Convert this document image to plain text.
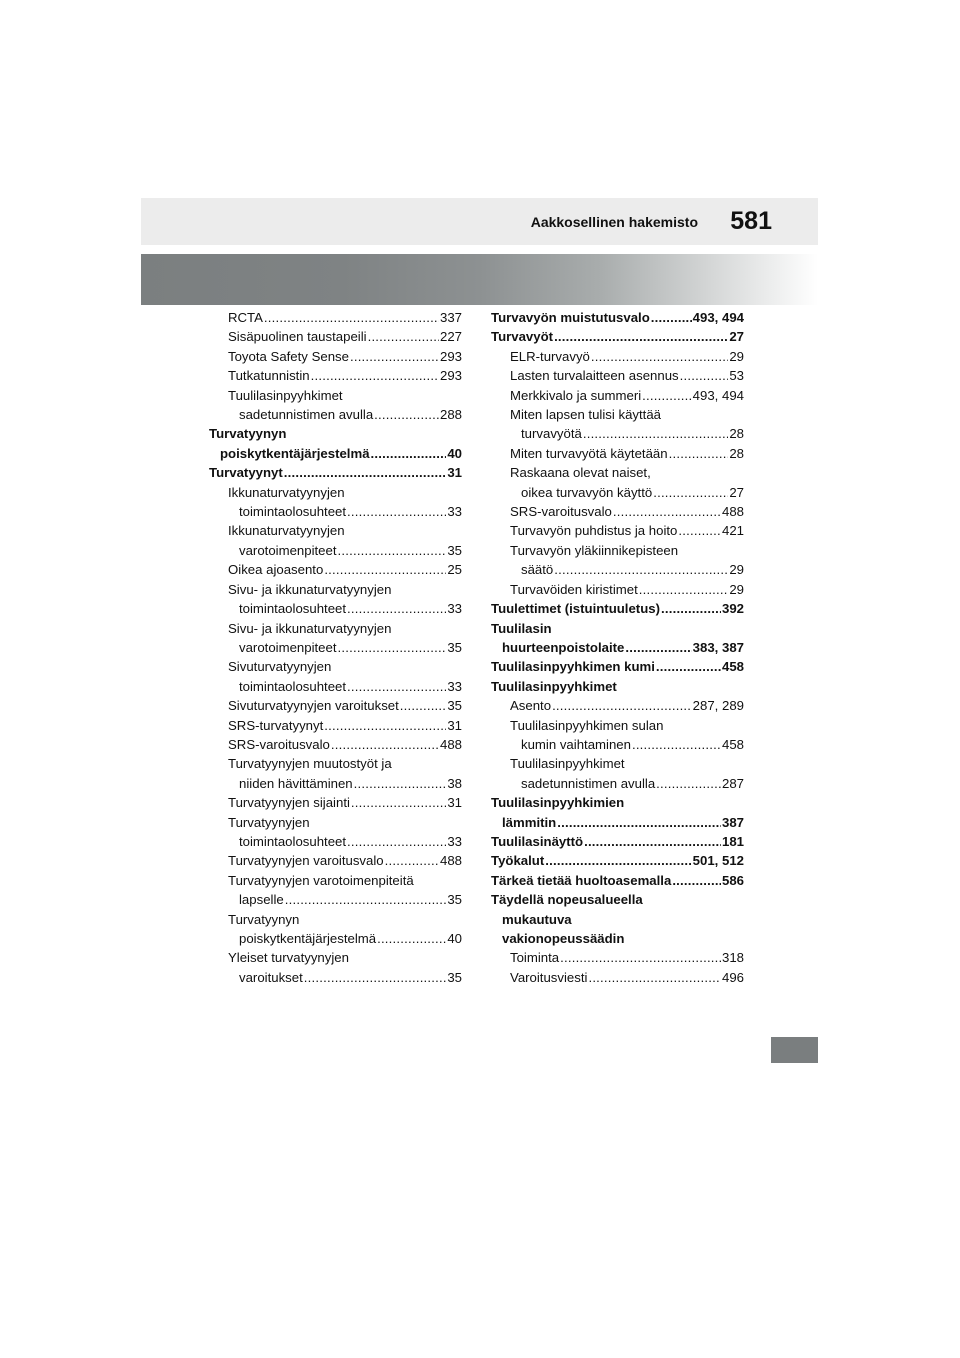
Aakkosellinen hakemisto 581
RCTA .....	337
Sisäpuolinen taustapeili .....	227
Toyota Safety Sense .....	293
Tutkatunnistin .....	293
Tuulilasinpyyhkimet
sadetunnistimen avulla .....	288
Turvatyynyn
poiskytkentäjärjestelmä .....	40
Turvatyynyt .....	31
Ikkunaturvatyynyjen
toimintaolosuhteet .....	33
Ikkunaturvatyynyjen
varotoimenpiteet .....	35
Oikea ajoasento .....	25
Sivu- ja ikkunaturvatyynyjen
toimintaolosuhteet .....	33
Sivu- ja ikkunaturvatyynyjen
varotoimenpiteet .....	35
Sivuturvatyynyjen
toimintaolosuhteet .....	33
Sivuturvatyynyjen varoitukset .....	35
SRS-turvatyynyt .....	31
SRS-varoitusvalo .....	488
Turvatyynyjen muutostyöt ja
niiden hävittäminen .....	38
Turvatyynyjen sijainti .....	31
Turvatyynyjen
toimintaolosuhteet .....	33
Turvatyynyjen varoitusvalo .....	488
Turvatyynyjen varotoimenpiteitä
lapselle .....	35
Turvatyynyn
poiskytkentäjärjestelmä .....	40
Yleiset turvatyynyjen
varoitukset .....	35
Turvavyön muistutusvalo .....	493, 494
Turvavyöt .....	27
ELR-turvavyö .....	29
Lasten turvalaitteen asennus .....	53
Merkkivalo ja summeri .....	493, 494
Miten lapsen tulisi käyttää
turvavyötä .....	28
Miten turvavyötä käytetään .....	28
Raskaana olevat naiset,
oikea turvavyön käyttö .....	27
SRS-varoitusvalo .....	488
Turvavyön puhdistus ja hoito .....	421
Turvavyön yläkiinnikepisteen
säätö .....	29
Turvavöiden kiristimet .....	29
Tuulettimet (istuintuuletus) .....	392
Tuulilasin
huurteenpoistolaite .....	383, 387
Tuulilasinpyyhkimen kumi .....	458
Tuulilasinpyyhkimet
Asento .....	287, 289
Tuulilasinpyyhkimen sulan
kumin vaihtaminen .....	458
Tuulilasinpyyhkimet
sadetunnistimen avulla .....	287
Tuulilasinpyyhkimien
lämmitin .....	387
Tuulilasinäyttö .....	181
Työkalut .....	501, 512
Tärkeä tietää huoltoasemalla .....	586
Täydellä nopeusalueella
mukautuva
vakionopeussäädin
Toiminta .....	318
Varoitusviesti .....	496
